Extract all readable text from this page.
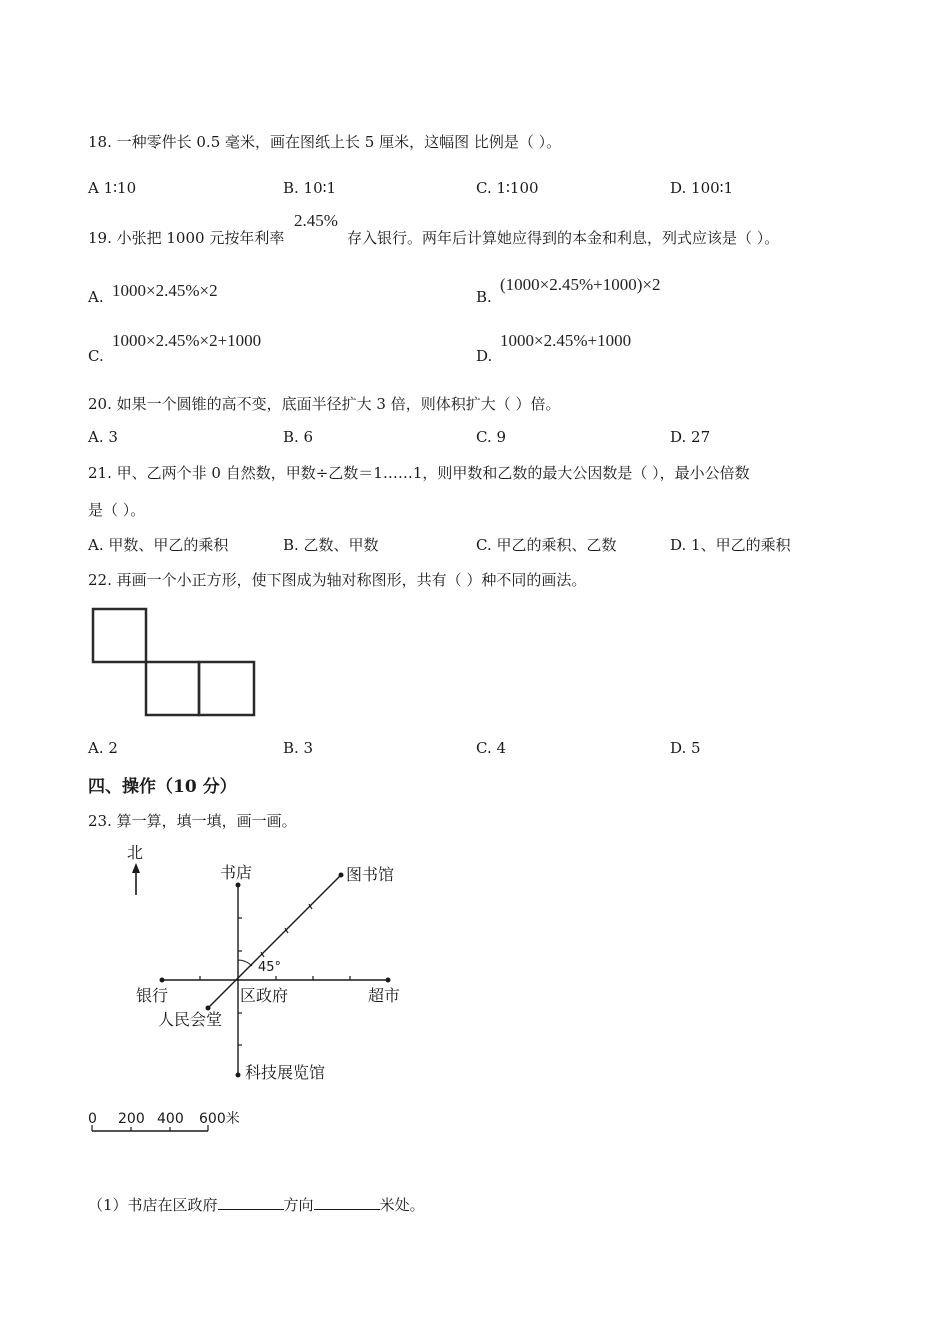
18. 一种零件长 0.5 毫米，画在图纸上长 5 厘米，这幅图 比例是（ ）。
A 1∶10	B. 10∶1	C. 1∶100	D. 100∶1
19. 小张把 1000 元按年利率
2.45%
存入银行。两年后计算她应得到的本金和利息，列式应该是（ ）。
A. 1000×2.45%×2	B.
(1000×2.45%+1000)×2
C.
1000×2.45%×2+1000
D.
1000×2.45%+1000
20. 如果一个圆锥的高不变，底面半径扩大 3 倍，则体积扩大（ ）倍。
A. 3	B. 6	C. 9	D. 27
21. 甲、乙两个非 0 自然数，甲数÷乙数＝1……1，则甲数和乙数的最大公因数是（ ），最小公倍数
是（ ）。
A. 甲数、甲乙的乘积	B. 乙数、甲数	C. 甲乙的乘积、乙数	D. 1、甲乙的乘积
22. 再画一个小正方形，使下图成为轴对称图形，共有（ ）种不同的画法。
A. 2	B. 3	C. 4	D. 5
四、操作（10 分）
23. 算一算，填一填，画一画。
北
书店	图书馆
45°
银行	区政府	超市
人民会堂
科技展览馆
0 200 400 600米
（1）书店在区政府	方向	米处。
